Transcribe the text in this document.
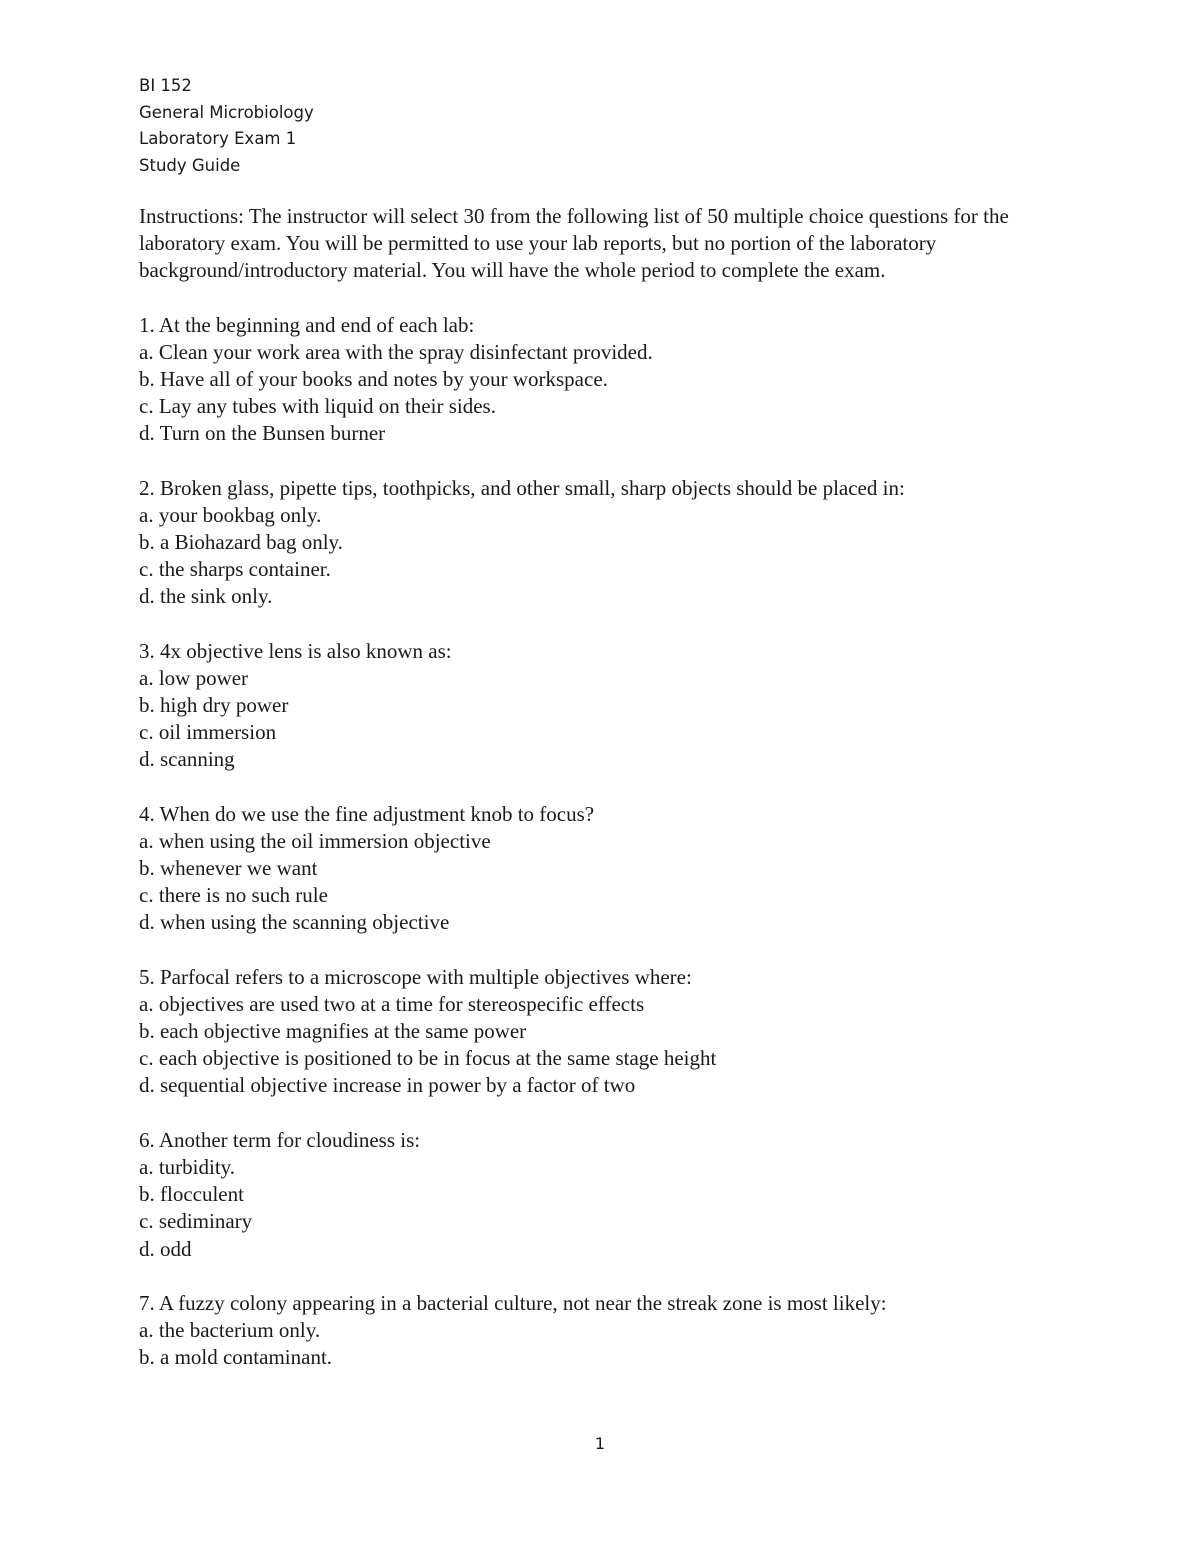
BI 152
General Microbiology
Laboratory Exam 1
Study Guide
Instructions: The instructor will select 30 from the following list of 50 multiple choice questions for the laboratory exam. You will be permitted to use your lab reports, but no portion of the laboratory background/introductory material. You will have the whole period to complete the exam.
1. At the beginning and end of each lab:
a. Clean your work area with the spray disinfectant provided.
b. Have all of your books and notes by your workspace.
c. Lay any tubes with liquid on their sides.
d. Turn on the Bunsen burner
2. Broken glass, pipette tips, toothpicks, and other small, sharp objects should be placed in:
a. your bookbag only.
b. a Biohazard bag only.
c. the sharps container.
d. the sink only.
3. 4x objective lens is also known as:
a. low power
b. high dry power
c. oil immersion
d. scanning
4. When do we use the fine adjustment knob to focus?
a. when using the oil immersion objective
b. whenever we want
c. there is no such rule
d. when using the scanning objective
5. Parfocal refers to a microscope with multiple objectives where:
a. objectives are used two at a time for stereospecific effects
b. each objective magnifies at the same power
c. each objective is positioned to be in focus at the same stage height
d. sequential objective increase in power by a factor of two
6. Another term for cloudiness is:
a. turbidity.
b. flocculent
c. sediminary
d. odd
7. A fuzzy colony appearing in a bacterial culture, not near the streak zone is most likely:
a. the bacterium only.
b. a mold contaminant.
1
